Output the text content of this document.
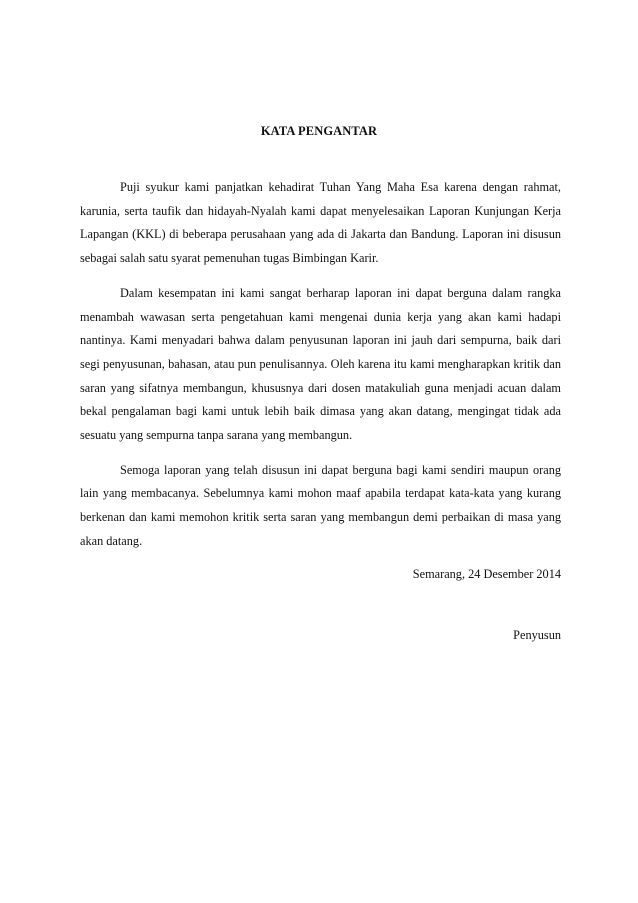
KATA PENGANTAR

Puji syukur kami panjatkan kehadirat Tuhan Yang Maha Esa karena dengan rahmat, karunia, serta taufik dan hidayah-Nyalah kami dapat menyelesaikan Laporan Kunjungan Kerja Lapangan (KKL) di beberapa perusahaan yang ada di Jakarta dan Bandung. Laporan ini disusun sebagai salah satu syarat pemenuhan tugas Bimbingan Karir.

Dalam kesempatan ini kami sangat berharap laporan ini dapat berguna dalam rangka menambah wawasan serta pengetahuan kami mengenai dunia kerja yang akan kami hadapi nantinya. Kami menyadari bahwa dalam penyusunan laporan ini jauh dari sempurna, baik dari segi penyusunan, bahasan, atau pun penulisannya. Oleh karena itu kami mengharapkan kritik dan saran yang sifatnya membangun, khususnya dari dosen matakuliah guna menjadi acuan dalam bekal pengalaman bagi kami untuk lebih baik dimasa yang akan datang, mengingat tidak ada sesuatu yang sempurna tanpa sarana yang membangun.

Semoga laporan yang telah disusun ini dapat berguna bagi kami sendiri maupun orang lain yang membacanya. Sebelumnya kami mohon maaf apabila terdapat kata-kata yang kurang berkenan dan kami memohon kritik serta saran yang membangun demi perbaikan di masa yang akan datang.

Semarang, 24 Desember 2014

Penyusun
